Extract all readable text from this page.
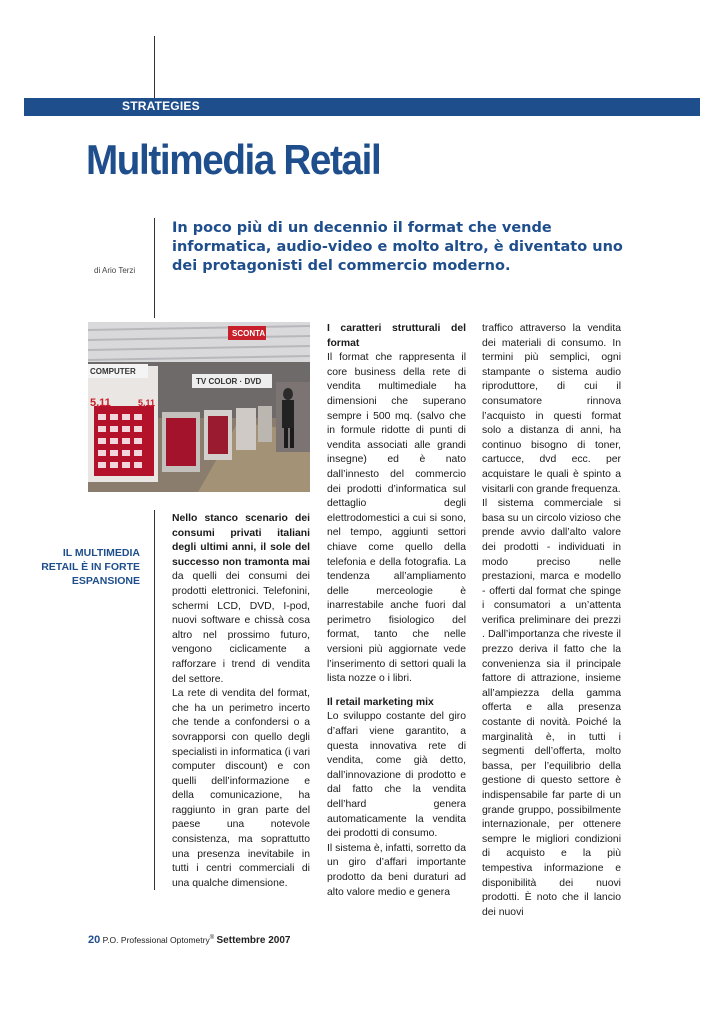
STRATEGIES
Multimedia Retail
di Ario Terzi

In poco più di un decennio il format che vende informatica, audio-video e molto altro, è diventato uno dei protagonisti del commercio moderno.

SCONTA
TV COLOR · DVD
COMPUTER
5,11	5,11
IL MULTIMEDIA RETAIL È IN FORTE ESPANSIONE

Nello stanco scenario dei consumi privati italiani degli ultimi anni, il sole del successo non tramonta mai da quelli dei consumi dei prodotti elettronici. Telefonini, schermi LCD, DVD, I-pod, nuovi software e chissà cosa altro nel prossimo futuro, vengono ciclicamente a rafforzare i trend di vendita del settore.

La rete di vendita del format, che ha un perimetro incerto che tende a confondersi o a sovrapporsi con quello degli specialisti in informatica (i vari computer discount) e con quelli dell’informazione e della comunicazione, ha raggiunto in gran parte del paese una notevole consistenza, ma soprattutto una presenza inevitabile in tutti i centri commerciali di una qualche dimensione.

I caratteri strutturali del format

Il format che rappresenta il core business della rete di vendita multimediale ha dimensioni che superano sempre i 500 mq. (salvo che in formule ridotte di punti di vendita associati alle grandi insegne) ed è nato dall’innesto del commercio dei prodotti d’informatica sul dettaglio degli elettrodomestici a cui si sono, nel tempo, aggiunti settori chiave come quello della telefonia e della fotografia. La tendenza all’ampliamento delle merceologie è inarrestabile anche fuori dal perimetro fisiologico del format, tanto che nelle versioni più aggiornate vede l’inserimento di settori quali la lista nozze o i libri.

Il retail marketing mix

Lo sviluppo costante del giro d’affari viene garantito, a questa innovativa rete di vendita, come già detto, dall’innovazione di prodotto e dal fatto che la vendita dell’hard genera automaticamente la vendita dei prodotti di consumo.

Il sistema è, infatti, sorretto da un giro d’affari importante prodotto da beni duraturi ad alto valore medio e genera

traffico attraverso la vendita dei materiali di consumo. In termini più semplici, ogni stampante o sistema audio riproduttore, di cui il consumatore rinnova l’acquisto in questi format solo a distanza di anni, ha continuo bisogno di toner, cartucce, dvd ecc. per acquistare le quali è spinto a visitarli con grande frequenza.

Il sistema commerciale si basa su un circolo vizioso che prende avvio dall’alto valore dei prodotti - individuati in modo preciso nelle prestazioni, marca e modello - offerti dal format che spinge i consumatori a un’attenta verifica preliminare dei prezzi . Dall’importanza che riveste il prezzo deriva il fatto che la convenienza sia il principale fattore di attrazione, insieme all’ampiezza della gamma offerta e alla presenza costante di novità. Poiché la marginalità è, in tutti i segmenti dell’offerta, molto bassa, per l’equilibrio della gestione di questo settore è indispensabile far parte di un grande gruppo, possibilmente internazionale, per ottenere sempre le migliori condizioni di acquisto e la più tempestiva informazione e disponibilità dei nuovi prodotti. È noto che il lancio dei nuovi

20 P.O. Professional Optometry® Settembre 2007
